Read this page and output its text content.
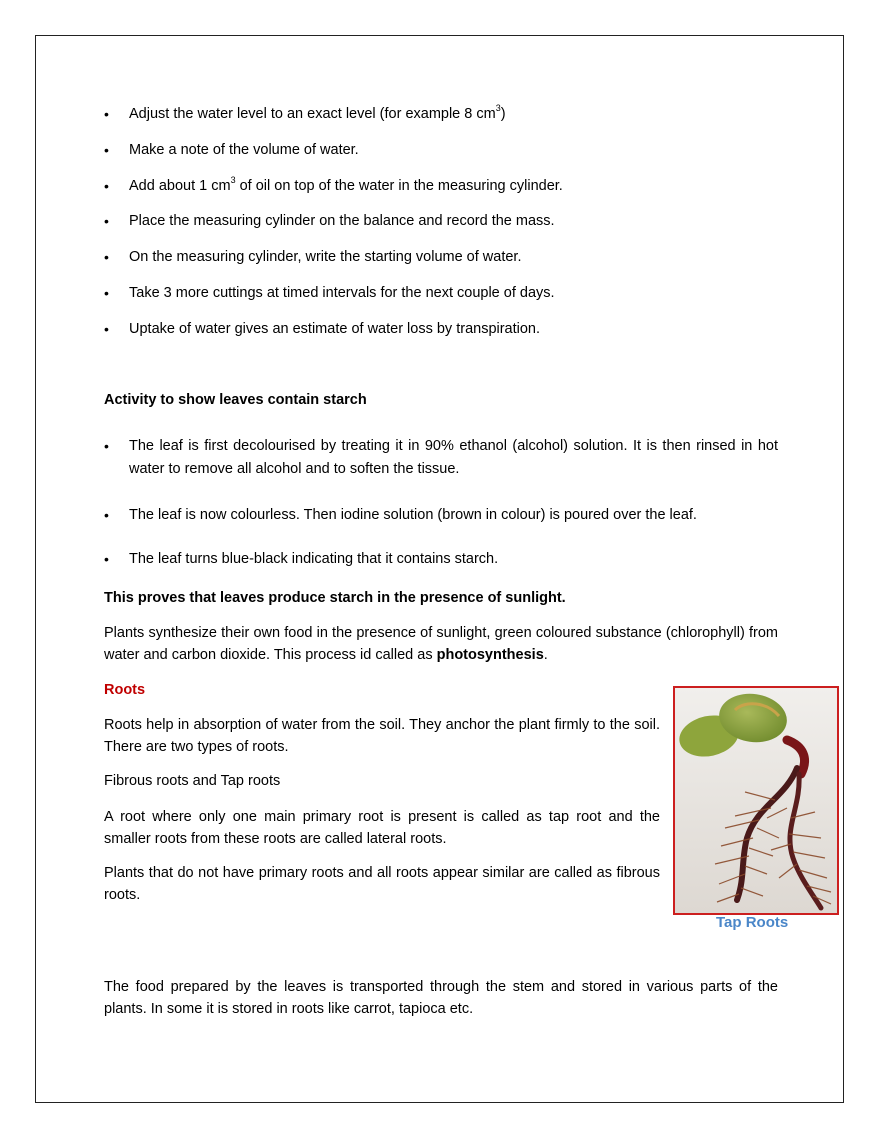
• Adjust the water level to an exact level (for example 8 $cm^3$)
• Make a note of the volume of water.
• Add about 1 $cm^3$ of oil on top of the water in the measuring cylinder.
• Place the measuring cylinder on the balance and record the mass.
• On the measuring cylinder, write the starting volume of water.
• Take 3 more cuttings at timed intervals for the next couple of days.
• Uptake of water gives an estimate of water loss by transpiration.
Activity to show leaves contain starch
• The leaf is first decolourised by treating it in 90% ethanol (alcohol) solution. It is then rinsed in hot water to remove all alcohol and to soften the tissue.
• The leaf is now colourless. Then iodine solution (brown in colour) is poured over the leaf.
• The leaf turns blue-black indicating that it contains starch.
This proves that leaves produce starch in the presence of sunlight.
Plants synthesize their own food in the presence of sunlight, green coloured substance (chlorophyll) from water and carbon dioxide. This process id called as photosynthesis.
Roots
Roots help in absorption of water from the soil. They anchor the plant firmly to the soil. There are two types of roots.
Fibrous roots and Tap roots
A root where only one main primary root is present is called as tap root and the smaller roots from these roots are called lateral roots.
Plants that do not have primary roots and all roots appear similar are called as fibrous roots.
The food prepared by the leaves is transported through the stem and stored in various parts of the plants. In some it is stored in roots like carrot, tapioca etc.
Tap Roots
